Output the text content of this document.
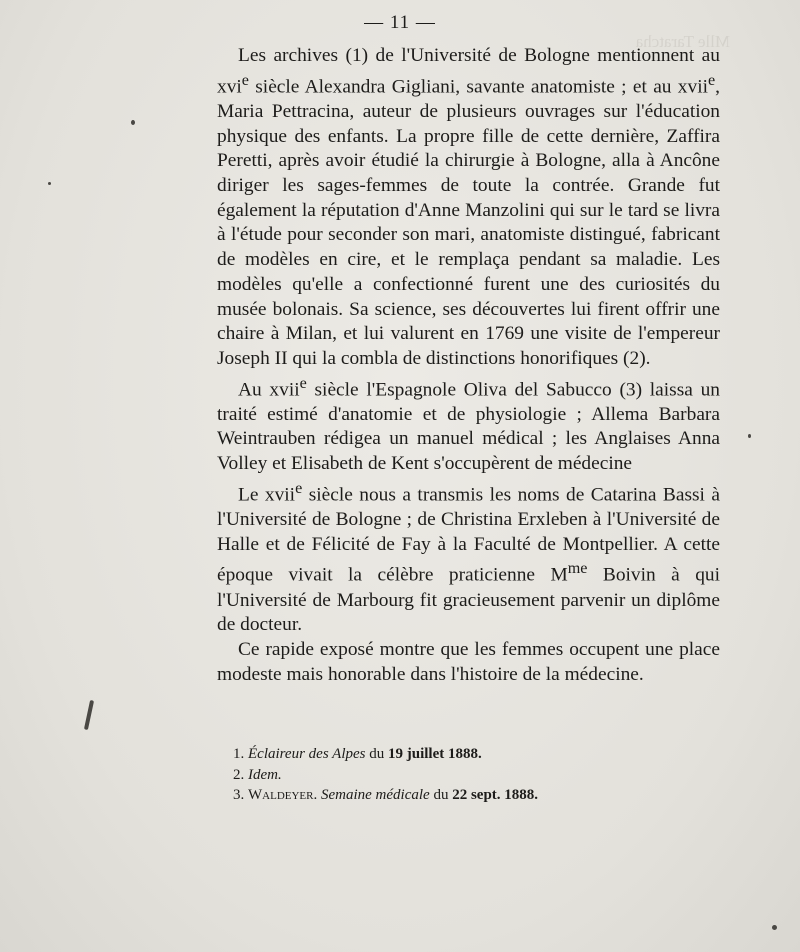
Mlle Taratcha

— 11 —

Les archives (1) de l'Université de Bologne mentionnent au xvi$^e$ siècle Alexandra Gigliani, savante anatomiste ; et au xvii$^e$, Maria Pettracina, auteur de plusieurs ouvrages sur l'éducation physique des enfants. La propre fille de cette dernière, Zaffira Peretti, après avoir étudié la chirurgie à Bologne, alla à Ancône diriger les sages-femmes de toute la contrée. Grande fut également la réputation d'Anne Manzolini qui sur le tard se livra à l'étude pour seconder son mari, anatomiste distingué, fabricant de modèles en cire, et le remplaça pendant sa maladie. Les modèles qu'elle a confectionné furent une des curiosités du musée bolonais. Sa science, ses découvertes lui firent offrir une chaire à Milan, et lui valurent en 1769 une visite de l'empereur Joseph II qui la combla de distinctions honorifiques (2).

Au xvii$^e$ siècle l'Espagnole Oliva del Sabucco (3) laissa un traité estimé d'anatomie et de physiologie ; Allema Barbara Weintrauben rédigea un manuel médical ; les Anglaises Anna Volley et Elisabeth de Kent s'occupèrent de médecine

Le xvii$^e$ siècle nous a transmis les noms de Catarina Bassi à l'Université de Bologne ; de Christina Erxleben à l'Université de Halle et de Félicité de Fay à la Faculté de Montpellier. A cette époque vivait la célèbre praticienne $M^{me}$ Boivin à qui l'Université de Marbourg fit gracieusement parvenir un diplôme de docteur.

Ce rapide exposé montre que les femmes occupent une place modeste mais honorable dans l'histoire de la médecine.

1. Éclaireur des Alpes du 19 juillet 1888.
2. Idem.
3. Waldeyer. Semaine médicale du 22 sept. 1888.
